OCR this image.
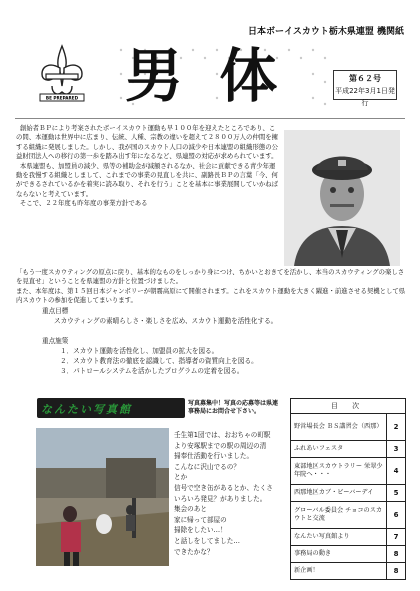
日本ボーイスカウト栃木県連盟 機関紙
BE PREPARED 男 体	第６２号
平成22年3月1日発行

創始者ＢＰにより考案されたボーイスカウト運動も早１００年を迎えたところであり、この間、本運動は世界中に広まり、伝統、人種、宗教の違いを超えて２８００万人の仲間を擁する組織に発展しました。しかし、我が国のスカウト人口の減少や日本連盟の組織形態の公益財団法人への移行の第一歩を踏み出す年になるなど、県連盟の対応が求められています。

本県連盟も、加盟員の減少、県等の補助金が減額されるなか、社会に貢献できる青少年運動を我慢する組織としまして、これまでの事業の見直しを共に、副路長ＢＰの言葉「今、何ができるされているかを着実に読み取り、それを行う」ことを基本に事業展開していかねばならないと考えています。

そこで、２２年度も昨年度の事業方針である

「もう一度スカウティングの原点に戻り、基本的なものをしっかり身につけ、ちかいとおきてを活かし、本当のスカウティングの楽しさを見直せ」ということを県連盟の方針と位置づけました。

また、本年度は、第１５回日本ジャンボリーが朝霧高原にて開催されます。これをスカウト運動を大きく躍進・前進させる契機として県内スカウトの参加を促進してまいります。

重点目標

スカウティングの素晴らしさ・楽しさを広め、スカウト運動を活性化する。

重点施策

１．スカウト運動を活性化し、加盟員の拡大を図る。

２．スカウト教育法の徹底を認識して、指導者の資質向上を図る。

３．パトロールシステムを活かしたプログラムの定着を図る。

なんたい写真館	写真募集中！写真の応募等は県連事務局にお問合せ下さい。

壬生第1団では、おおちゃの町駅

より安塚駅までの駅の周辺の清

掃奉仕活動を行いました。

こんなに沢山でるの？

とか

信号で空き缶があるとか、たくさ

いろいろ発見？がありました。

集会のあと

家に帰って部屋の

掃除をしたい…！

と話しをしてました…

できたかな？

目 次
野営場長会 ＢＳ講習会（西那）	2
ふれあいフェスタ	3
東部地区スカウトラリー 栄翠少年院へ・・・	4
西那地区カブ・ビーバーデイ	5
グローバル委員会 チョコのスカウトと交流	6
なんたい写真館より	7
事務局の動き	8
新企画！	8
